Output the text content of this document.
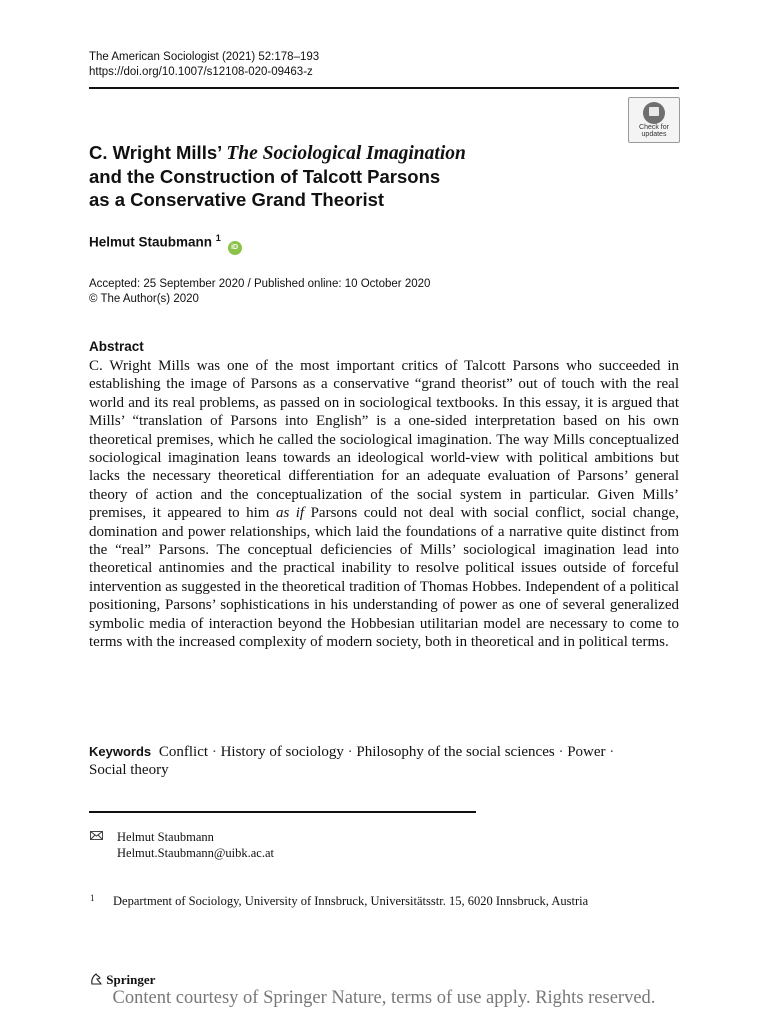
The American Sociologist (2021) 52:178–193
https://doi.org/10.1007/s12108-020-09463-z
Check for
updates
C. Wright Mills’ The Sociological Imagination
and the Construction of Talcott Parsons
as a Conservative Grand Theorist
Helmut Staubmann $^1$ iD
Accepted: 25 September 2020 / Published online: 10 October 2020
© The Author(s) 2020
Abstract
C. Wright Mills was one of the most important critics of Talcott Parsons who succeeded in establishing the image of Parsons as a conservative “grand theorist” out of touch with the real world and its real problems, as passed on in sociological textbooks. In this essay, it is argued that Mills’ “translation of Parsons into English” is a one-sided interpretation based on his own theoretical premises, which he called the sociological imagination. The way Mills conceptualized sociological imagination leans towards an ideological world-view with political ambitions but lacks the necessary theoretical differentiation for an adequate evaluation of Parsons’ general theory of action and the conceptualization of the social system in particular. Given Mills’ premises, it appeared to him as if Parsons could not deal with social conflict, social change, domination and power relationships, which laid the foundations of a narrative quite distinct from the “real” Parsons. The conceptual deficiencies of Mills’ sociological imagination lead into theoretical antinomies and the practical inability to resolve political issues outside of forceful intervention as suggested in the theoretical tradition of Thomas Hobbes. Independent of a political positioning, Parsons’ sophistications in his understanding of power as one of several generalized symbolic media of interaction beyond the Hobbesian utilitarian model are necessary to come to terms with the increased complexity of modern society, both in theoretical and in political terms.
Keywords Conflict · History of sociology · Philosophy of the social sciences · Power ·
Social theory
Helmut Staubmann
Helmut.Staubmann@uibk.ac.at
1 Department of Sociology, University of Innsbruck, Universitätsstr. 15, 6020 Innsbruck, Austria
Springer
Content courtesy of Springer Nature, terms of use apply. Rights reserved.
